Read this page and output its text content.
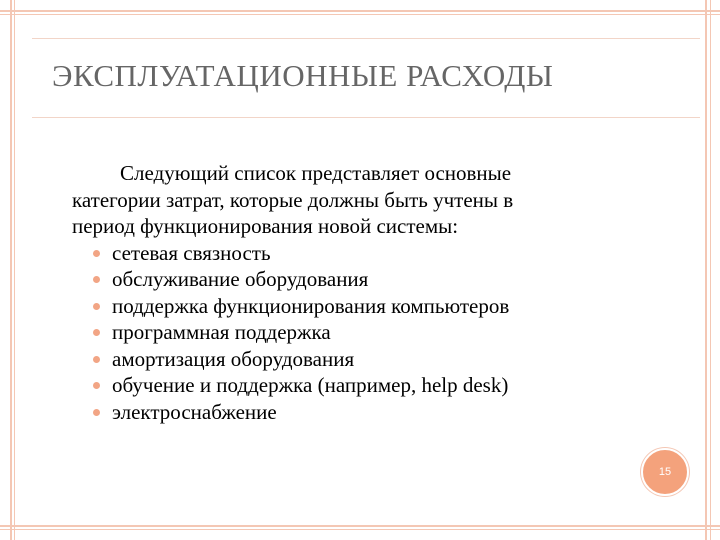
ЭКСПЛУАТАЦИОННЫЕ РАСХОДЫ
Следующий список представляет основные
категории затрат, которые должны быть учтены в
период функционирования новой системы:
сетевая связность
обслуживание оборудования
поддержка функционирования компьютеров
программная поддержка
амортизация оборудования
обучение и поддержка (например, help desk)
электроснабжение
15
